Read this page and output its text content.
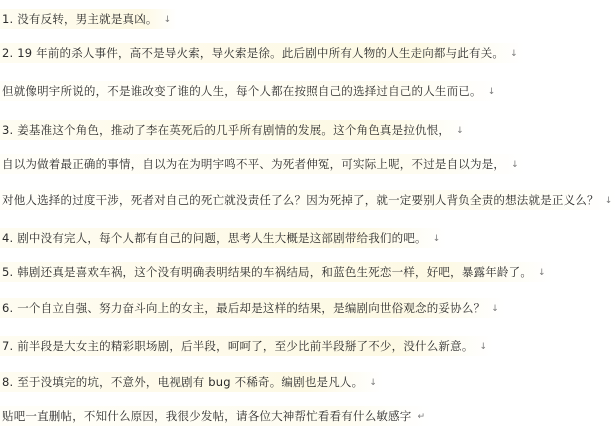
1. 没有反转，男主就是真凶。 ↓
2. 19 年前的杀人事件，高不是导火索，导火索是徐。此后剧中所有人物的人生走向都与此有关。 ↓
但就像明宇所说的，不是谁改变了谁的人生，每个人都在按照自己的选择过自己的人生而已。 ↓
3. 姜基准这个角色，推动了李在英死后的几乎所有剧情的发展。这个角色真是拉仇恨， ↓
自以为做着最正确的事情，自以为在为明宇鸣不平、为死者伸冤，可实际上呢，不过是自以为是， ↓
对他人选择的过度干涉，死者对自己的死亡就没责任了么？因为死掉了，就一定要别人背负全责的想法就是正义么？ ↓
4. 剧中没有完人，每个人都有自己的问题，思考人生大概是这部剧带给我们的吧。 ↓
5. 韩剧还真是喜欢车祸，这个没有明确表明结果的车祸结局，和蓝色生死恋一样，好吧，暴露年龄了。 ↓
6. 一个自立自强、努力奋斗向上的女主，最后却是这样的结果，是编剧向世俗观念的妥协么？ ↓
7. 前半段是大女主的精彩职场剧，后半段，呵呵了，至少比前半段掰了不少，没什么新意。 ↓
8. 至于没填完的坑，不意外，电视剧有 bug 不稀奇。编剧也是凡人。 ↓
贴吧一直删帖，不知什么原因，我很少发帖，请各位大神帮忙看看有什么敏感字 ↵
